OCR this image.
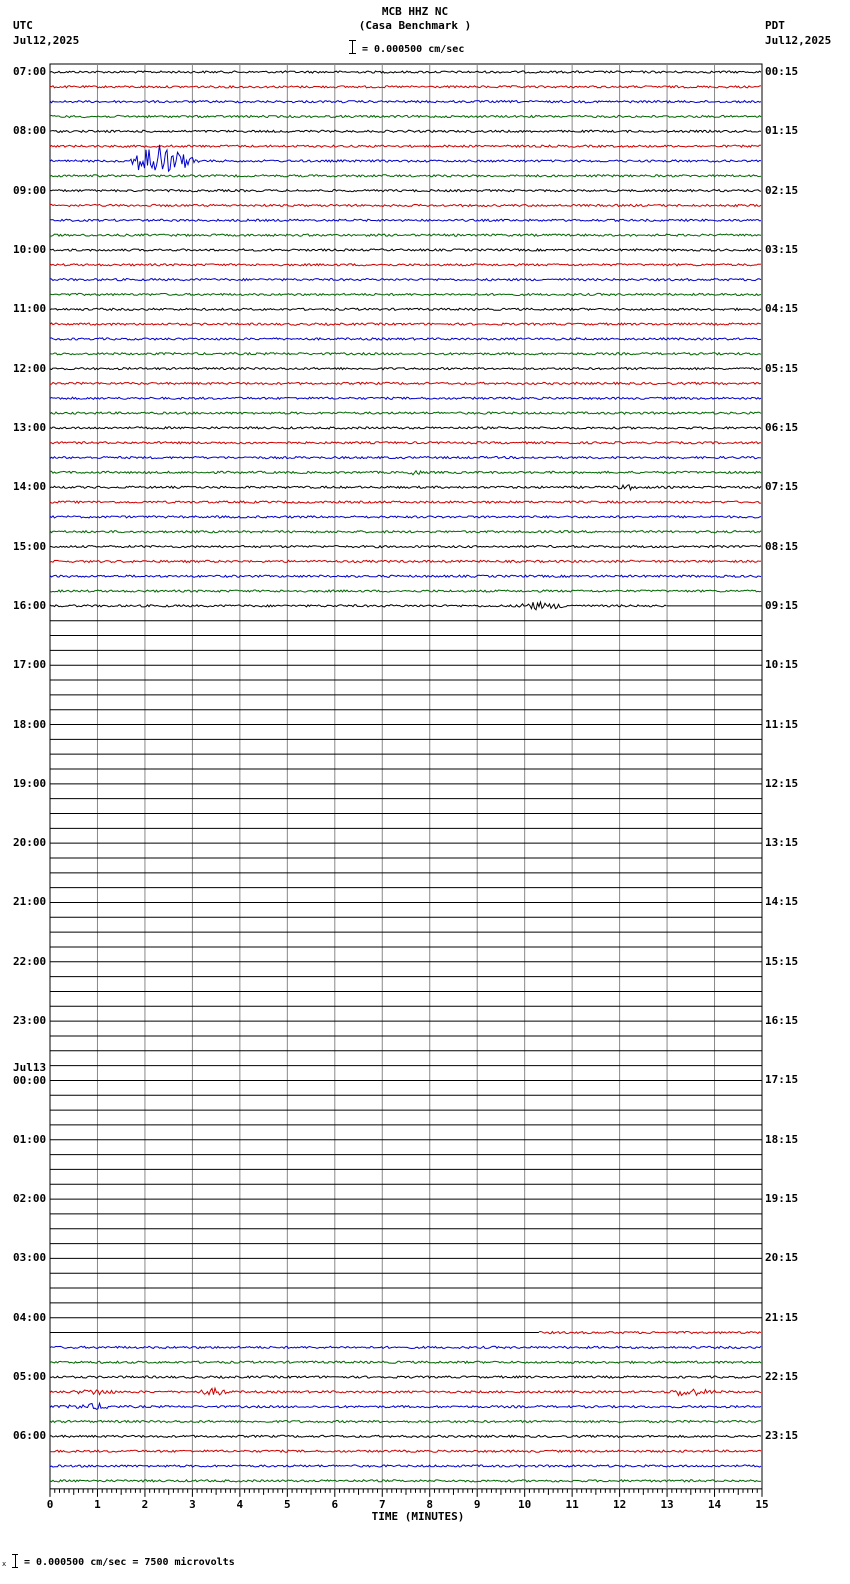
MCB HHZ NC
(Casa Benchmark )
= 0.000500 cm/sec
UTC
Jul12,2025
PDT
Jul12,2025
Jul13
TIME (MINUTES)
x = 0.000500 cm/sec = 7500 microvolts
07:00
08:00
09:00
10:00
11:00
12:00
13:00
14:00
15:00
16:00
17:00
18:00
19:00
20:00
21:00
22:00
23:00
00:00
01:00
02:00
03:00
04:00
05:00
06:00
00:15
01:15
02:15
03:15
04:15
05:15
06:15
07:15
08:15
09:15
10:15
11:15
12:15
13:15
14:15
15:15
16:15
17:15
18:15
19:15
20:15
21:15
22:15
23:15
0	1	2	3	4	5	6	7	8	9	10	11	12	13	14	15
